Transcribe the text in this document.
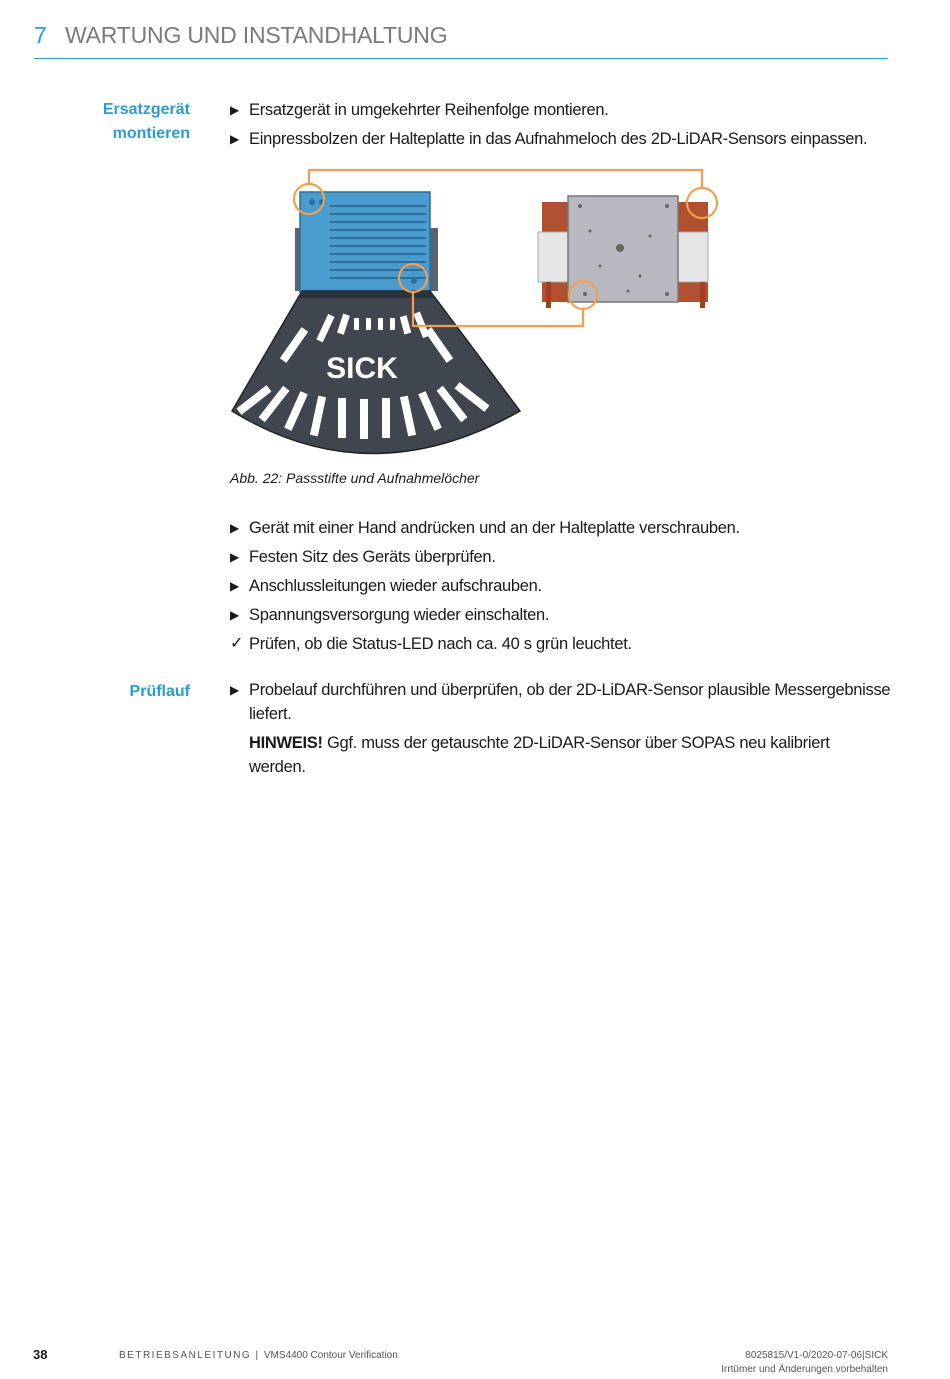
7 WARTUNG UND INSTANDHALTUNG
Ersatzgerät
montieren
▶ Ersatzgerät in umgekehrter Reihenfolge montieren.
▶ Einpressbolzen der Halteplatte in das Aufnahmeloch des 2D-LiDAR-Sensors einpassen.
SICK
Abb. 22: Passstifte und Aufnahmelöcher
▶ Gerät mit einer Hand andrücken und an der Halteplatte verschrauben.
▶ Festen Sitz des Geräts überprüfen.
▶ Anschlussleitungen wieder aufschrauben.
▶ Spannungsversorgung wieder einschalten.
✓ Prüfen, ob die Status-LED nach ca. 40 s grün leuchtet.
Prüflauf	▶ Probelauf durchführen und überprüfen, ob der 2D-LiDAR-Sensor plausible Messergebnisse liefert.
HINWEIS! Ggf. muss der getauschte 2D-LiDAR-Sensor über SOPAS neu kalibriert werden.
38	BETRIEBSANLEITUNG | VMS4400 Contour Verification	8025815/V1-0/2020-07-06|SICK
Irrtümer und Änderungen vorbehalten
